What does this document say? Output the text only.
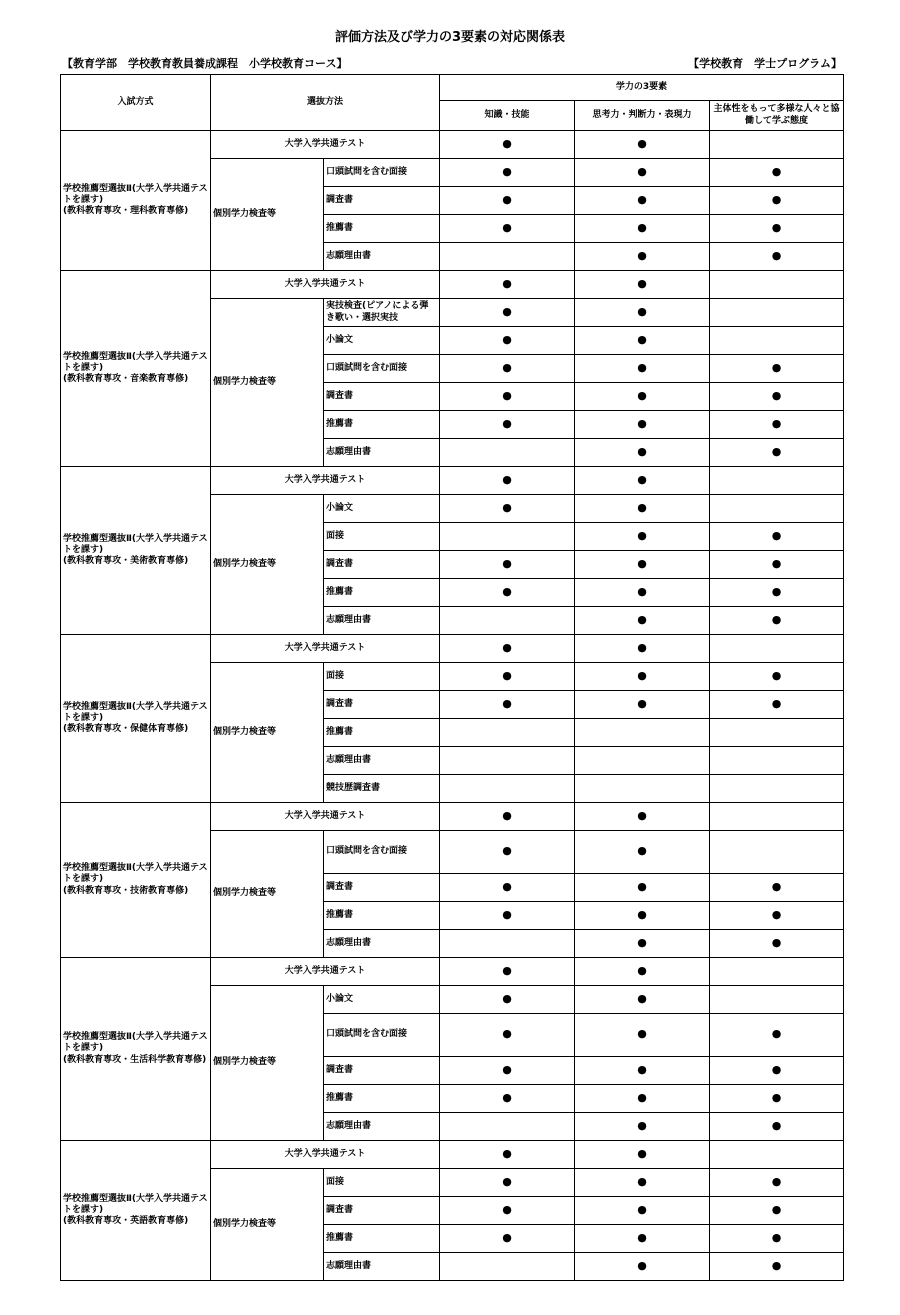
評価方法及び学力の3要素の対応関係表
【教育学部　学校教育教員養成課程　小学校教育コース】	【学校教育　学士プログラム】
入試方式	選抜方法		学力の3要素		
			知識・技能	思考力・判断力・表現力	主体性をもって多様な人々と協働して学ぶ態度
学校推薦型選抜Ⅱ(大学入学共通テストを課す)
(教科教育専攻・理科教育専修)	大学入学共通テスト		●	●	
	個別学力検査等	口頭試問を含む面接	●	●	●
		調査書	●	●	●
		推薦書	●	●	●
		志願理由書		●	●
学校推薦型選抜Ⅱ(大学入学共通テストを課す)
(教科教育専攻・音楽教育専修)	大学入学共通テスト		●	●	
	個別学力検査等	実技検査(ピアノによる弾き歌い・選択実技	●	●	
		小論文	●	●	
		口頭試問を含む面接	●	●	●
		調査書	●	●	●
		推薦書	●	●	●
		志願理由書		●	●
学校推薦型選抜Ⅱ(大学入学共通テストを課す)
(教科教育専攻・美術教育専修)	大学入学共通テスト		●	●	
	個別学力検査等	小論文	●	●	
		面接		●	●
		調査書	●	●	●
		推薦書	●	●	●
		志願理由書		●	●
学校推薦型選抜Ⅱ(大学入学共通テストを課す)
(教科教育専攻・保健体育専修)	大学入学共通テスト		●	●	
	個別学力検査等	面接	●	●	●
		調査書	●	●	●
		推薦書			
		志願理由書			
		競技歴調査書			
学校推薦型選抜Ⅱ(大学入学共通テストを課す)
(教科教育専攻・技術教育専修)	大学入学共通テスト		●	●	
	個別学力検査等	口頭試問を含む面接	●	●	
		調査書	●	●	●
		推薦書	●	●	●
		志願理由書		●	●
学校推薦型選抜Ⅱ(大学入学共通テストを課す)
(教科教育専攻・生活科学教育専修)	大学入学共通テスト		●	●	
	個別学力検査等	小論文	●	●	
		口頭試問を含む面接	●	●	●
		調査書	●	●	●
		推薦書	●	●	●
		志願理由書		●	●
学校推薦型選抜Ⅱ(大学入学共通テストを課す)
(教科教育専攻・英語教育専修)	大学入学共通テスト		●	●	
	個別学力検査等	面接	●	●	●
		調査書	●	●	●
		推薦書	●	●	●
		志願理由書		●	●
